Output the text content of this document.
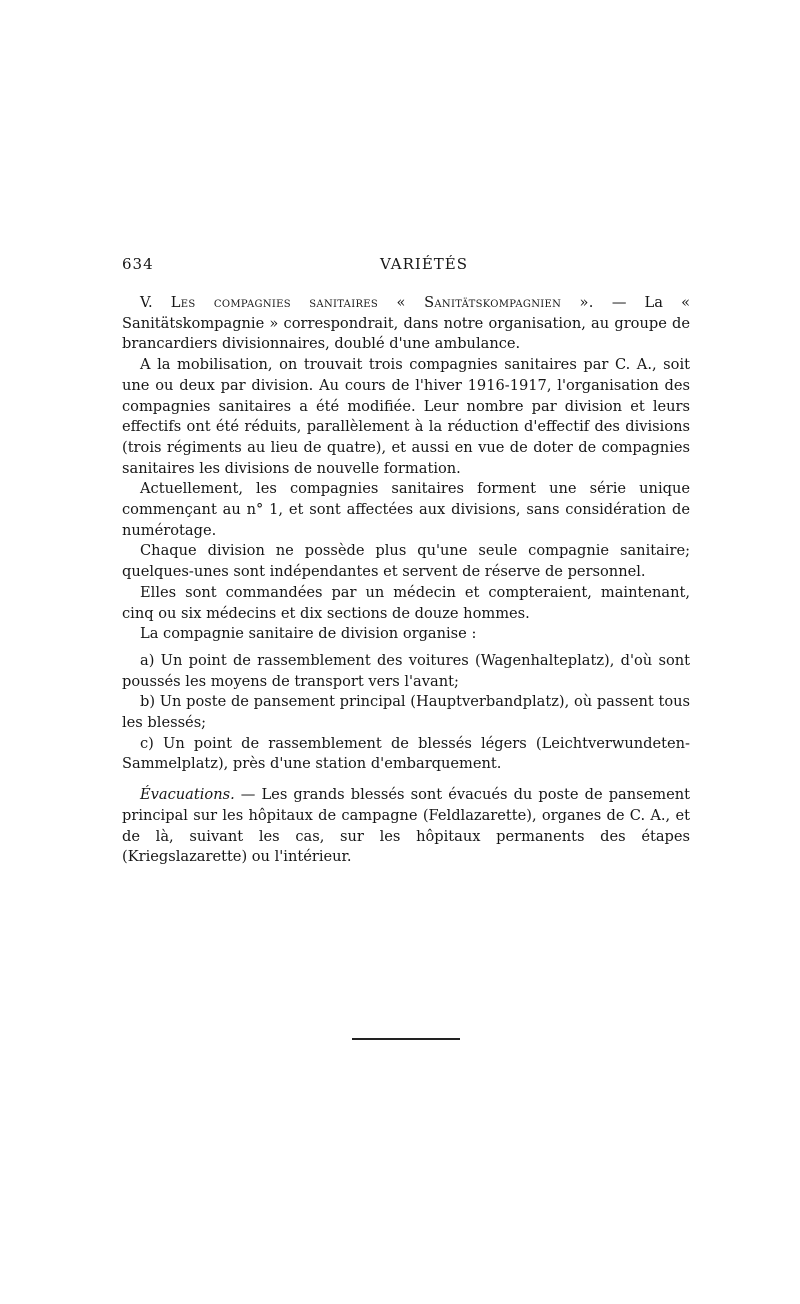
634	VARIÉTÉS

V. Les compagnies sanitaires « Sanitätskompagnien ». — La « Sanitätskompagnie » correspondrait, dans notre organisation, au groupe de brancardiers divisionnaires, doublé d'une ambulance.

A la mobilisation, on trouvait trois compagnies sanitaires par C. A., soit une ou deux par division. Au cours de l'hiver 1916-1917, l'organisation des compagnies sanitaires a été modifiée. Leur nombre par division et leurs effectifs ont été réduits, parallèlement à la réduction d'effectif des divisions (trois régiments au lieu de quatre), et aussi en vue de doter de compagnies sanitaires les divisions de nouvelle formation.

Actuellement, les compagnies sanitaires forment une série unique commençant au n° 1, et sont affectées aux divisions, sans considération de numérotage.

Chaque division ne possède plus qu'une seule compagnie sanitaire; quelques-unes sont indépendantes et servent de réserve de personnel.

Elles sont commandées par un médecin et compteraient, maintenant, cinq ou six médecins et dix sections de douze hommes.

La compagnie sanitaire de division organise :

a) Un point de rassemblement des voitures (Wagenhalteplatz), d'où sont poussés les moyens de transport vers l'avant;

b) Un poste de pansement principal (Hauptverbandplatz), où passent tous les blessés;

c) Un point de rassemblement de blessés légers (Leichtverwundeten-Sammelplatz), près d'une station d'embarquement.

Évacuations. — Les grands blessés sont évacués du poste de pansement principal sur les hôpitaux de campagne (Feldlazarette), organes de C. A., et de là, suivant les cas, sur les hôpitaux permanents des étapes (Kriegslazarette) ou l'intérieur.
